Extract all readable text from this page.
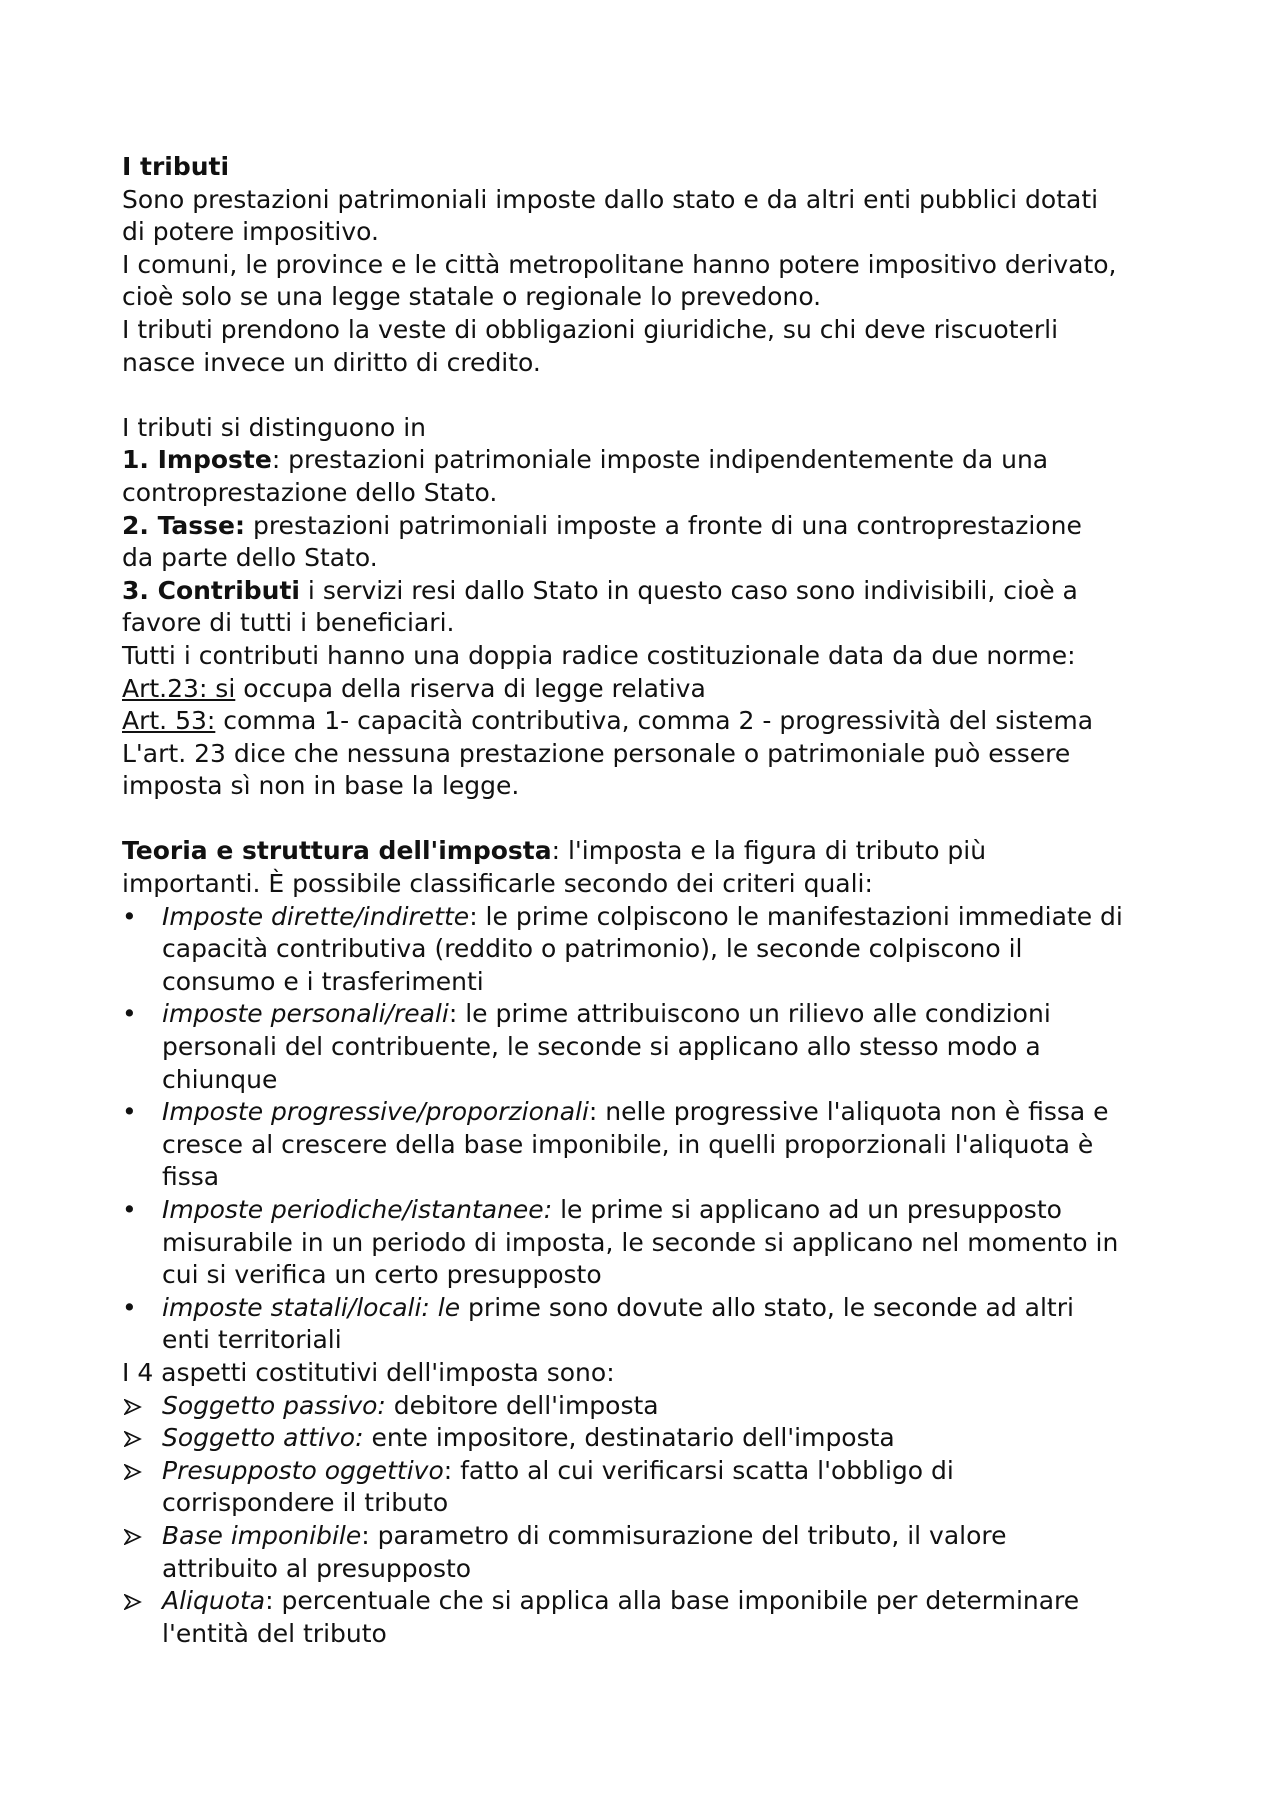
I tributi
Sono prestazioni patrimoniali imposte dallo stato e da altri enti pubblici dotati
di potere impositivo.
I comuni, le province e le città metropolitane hanno potere impositivo derivato,
cioè solo se una legge statale o regionale lo prevedono.
I tributi prendono la veste di obbligazioni giuridiche, su chi deve riscuoterli
nasce invece un diritto di credito.
I tributi si distinguono in
1. Imposte: prestazioni patrimoniale imposte indipendentemente da una
controprestazione dello Stato.
2. Tasse: prestazioni patrimoniali imposte a fronte di una controprestazione
da parte dello Stato.
3. Contributi i servizi resi dallo Stato in questo caso sono indivisibili, cioè a
favore di tutti i beneficiari.
Tutti i contributi hanno una doppia radice costituzionale data da due norme:
Art.23: si occupa della riserva di legge relativa
Art. 53: comma 1- capacità contributiva, comma 2 - progressività del sistema
L'art. 23 dice che nessuna prestazione personale o patrimoniale può essere
imposta sì non in base la legge.
Teoria e struttura dell'imposta: l'imposta e la figura di tributo più
importanti. È possibile classificarle secondo dei criteri quali:
• Imposte dirette/indirette: le prime colpiscono le manifestazioni immediate di
capacità contributiva (reddito o patrimonio), le seconde colpiscono il
consumo e i trasferimenti
• imposte personali/reali: le prime attribuiscono un rilievo alle condizioni
personali del contribuente, le seconde si applicano allo stesso modo a
chiunque
• Imposte progressive/proporzionali: nelle progressive l'aliquota non è fissa e
cresce al crescere della base imponibile, in quelli proporzionali l'aliquota è
fissa
• Imposte periodiche/istantanee: le prime si applicano ad un presupposto
misurabile in un periodo di imposta, le seconde si applicano nel momento in
cui si verifica un certo presupposto
• imposte statali/locali: le prime sono dovute allo stato, le seconde ad altri
enti territoriali
I 4 aspetti costitutivi dell'imposta sono:
Soggetto passivo: debitore dell'imposta
Soggetto attivo: ente impositore, destinatario dell'imposta
Presupposto oggettivo: fatto al cui verificarsi scatta l'obbligo di
corrispondere il tributo
Base imponibile: parametro di commisurazione del tributo, il valore
attribuito al presupposto
Aliquota: percentuale che si applica alla base imponibile per determinare
l'entità del tributo
